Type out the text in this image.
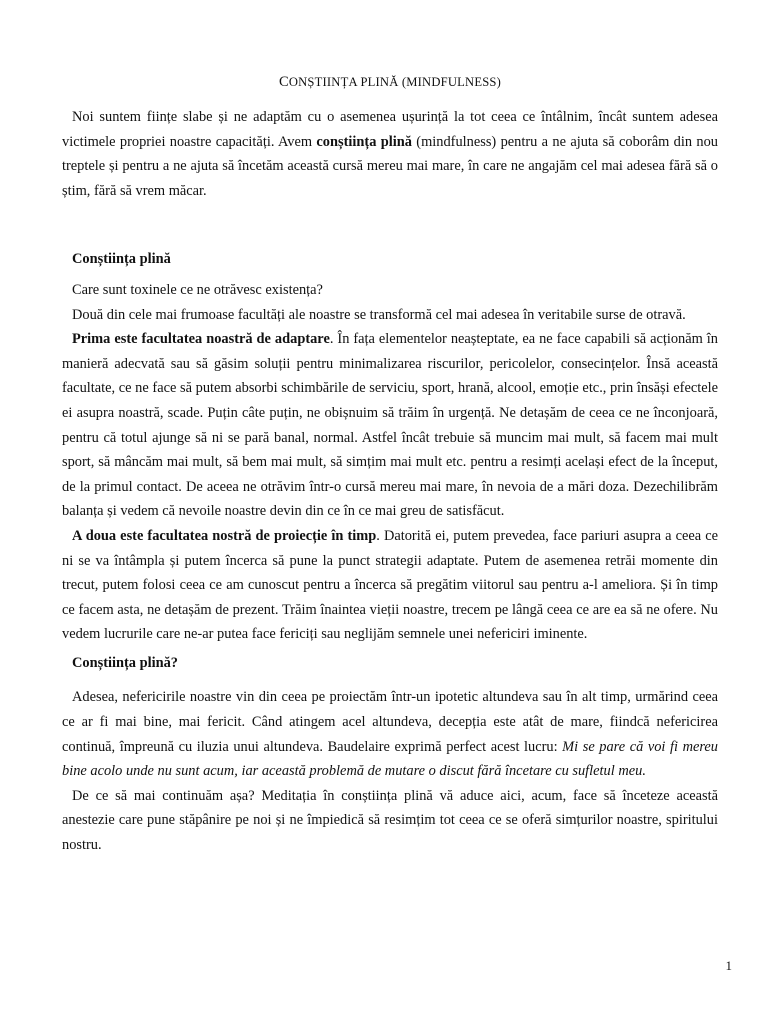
CONȘTIINȚA PLINĂ (MINDFULNESS)

Noi suntem ființe slabe și ne adaptăm cu o asemenea ușurință la tot ceea ce întâlnim, încât suntem adesea victimele propriei noastre capacități. Avem conștiința plină (mindfulness) pentru a ne ajuta să coborâm din nou treptele și pentru a ne ajuta să încetăm această cursă mereu mai mare, în care ne angajăm cel mai adesea fără să o știm, fără să vrem măcar.

Conștiința plină

Care sunt toxinele ce ne otrăvesc existența?

Două din cele mai frumoase facultăți ale noastre se transformă cel mai adesea în veritabile surse de otravă.

Prima este facultatea noastră de adaptare. În fața elementelor neașteptate, ea ne face capabili să acționăm în manieră adecvată sau să găsim soluții pentru minimalizarea riscurilor, pericolelor, consecințelor. Însă această facultate, ce ne face să putem absorbi schimbările de serviciu, sport, hrană, alcool, emoție etc., prin însăși efectele ei asupra noastră, scade. Puțin câte puțin, ne obișnuim să trăim în urgență. Ne detașăm de ceea ce ne înconjoară, pentru că totul ajunge să ni se pară banal, normal. Astfel încât trebuie să muncim mai mult, să facem mai mult sport, să mâncăm mai mult, să bem mai mult, să simțim mai mult etc. pentru a resimți același efect de la început, de la primul contact. De aceea ne otrăvim într-o cursă mereu mai mare, în nevoia de a mări doza. Dezechilibrăm balanța și vedem că nevoile noastre devin din ce în ce mai greu de satisfăcut.

A doua este facultatea nostră de proiecție în timp. Datorită ei, putem prevedea, face pariuri asupra a ceea ce ni se va întâmpla și putem încerca să pune la punct strategii adaptate. Putem de asemenea retrăi momente din trecut, putem folosi ceea ce am cunoscut pentru a încerca să pregătim viitorul sau pentru a-l ameliora. Și în timp ce facem asta, ne detașăm de prezent. Trăim înaintea vieții noastre, trecem pe lângă ceea ce are ea să ne ofere. Nu vedem lucrurile care ne-ar putea face fericiți sau neglijăm semnele unei nefericiri iminente.

Conștiința plină?

Adesea, nefericirile noastre vin din ceea pe proiectăm într-un ipotetic altundeva sau în alt timp, urmărind ceea ce ar fi mai bine, mai fericit. Când atingem acel altundeva, decepția este atât de mare, fiindcă nefericirea continuă, împreună cu iluzia unui altundeva. Baudelaire exprimă perfect acest lucru: Mi se pare că voi fi mereu bine acolo unde nu sunt acum, iar această problemă de mutare o discut fără încetare cu sufletul meu.

De ce să mai continuăm așa? Meditația în conștiința plină vă aduce aici, acum, face să înceteze această anestezie care pune stăpânire pe noi și ne împiedică să resimțim tot ceea ce se oferă simțurilor noastre, spiritului nostru.

1
